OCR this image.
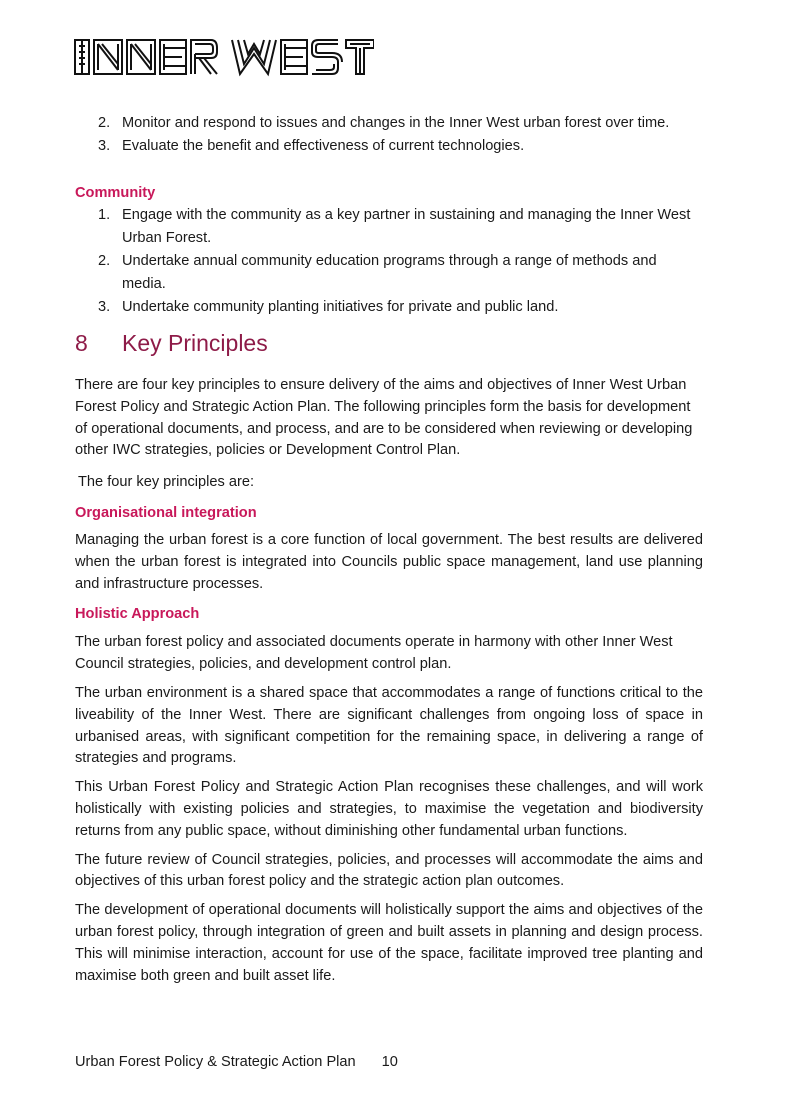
2. Monitor and respond to issues and changes in the Inner West urban forest over time.
3. Evaluate the benefit and effectiveness of current technologies.
Community
1. Engage with the community as a key partner in sustaining and managing the Inner West Urban Forest.
2. Undertake annual community education programs through a range of methods and media.
3. Undertake community planting initiatives for private and public land.
8	Key Principles

There are four key principles to ensure delivery of the aims and objectives of Inner West Urban Forest Policy and Strategic Action Plan. The following principles form the basis for development of operational documents, and process, and are to be considered when reviewing or developing other IWC strategies, policies or Development Control Plan.

The four key principles are:

Organisational integration

Managing the urban forest is a core function of local government. The best results are delivered when the urban forest is integrated into Councils public space management, land use planning and infrastructure processes.

Holistic Approach

The urban forest policy and associated documents operate in harmony with other Inner West Council strategies, policies, and development control plan.

The urban environment is a shared space that accommodates a range of functions critical to the liveability of the Inner West. There are significant challenges from ongoing loss of space in urbanised areas, with significant competition for the remaining space, in delivering a range of strategies and programs.

This Urban Forest Policy and Strategic Action Plan recognises these challenges, and will work holistically with existing policies and strategies, to maximise the vegetation and biodiversity returns from any public space, without diminishing other fundamental urban functions.

The future review of Council strategies, policies, and processes will accommodate the aims and objectives of this urban forest policy and the strategic action plan outcomes.

The development of operational documents will holistically support the aims and objectives of the urban forest policy, through integration of green and built assets in planning and design process. This will minimise interaction, account for use of the space, facilitate improved tree planting and maximise both green and built asset life.

Urban Forest Policy & Strategic Action Plan 10
